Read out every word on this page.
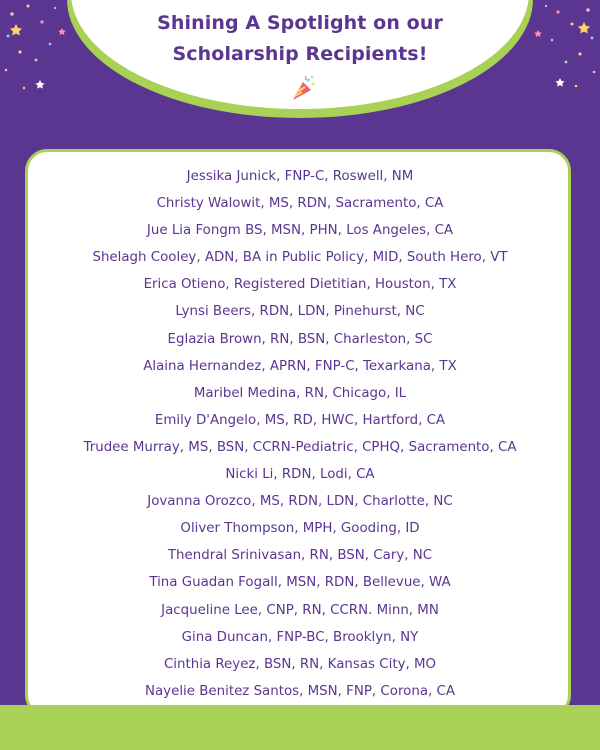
Shining A Spotlight on our
Scholarship Recipients!
Jessika Junick, FNP-C, Roswell, NM
Christy Walowit, MS, RDN, Sacramento, CA
Jue Lia Fongm BS, MSN, PHN, Los Angeles, CA
Shelagh Cooley, ADN, BA in Public Policy, MID, South Hero, VT
Erica Otieno, Registered Dietitian, Houston, TX
Lynsi Beers, RDN, LDN, Pinehurst, NC
Eglazia Brown, RN, BSN, Charleston, SC
Alaina Hernandez, APRN, FNP-C, Texarkana, TX
Maribel Medina, RN, Chicago, IL
Emily D'Angelo, MS, RD, HWC, Hartford, CA
Trudee Murray, MS, BSN, CCRN-Pediatric, CPHQ, Sacramento, CA
Nicki Li, RDN, Lodi, CA
Jovanna Orozco, MS, RDN, LDN, Charlotte, NC
Oliver Thompson, MPH, Gooding, ID
Thendral Srinivasan, RN, BSN, Cary, NC
Tina Guadan Fogall, MSN, RDN, Bellevue, WA
Jacqueline Lee, CNP, RN, CCRN. Minn, MN
Gina Duncan, FNP-BC, Brooklyn, NY
Cinthia Reyez, BSN, RN, Kansas City, MO
Nayelie Benitez Santos, MSN, FNP, Corona, CA
